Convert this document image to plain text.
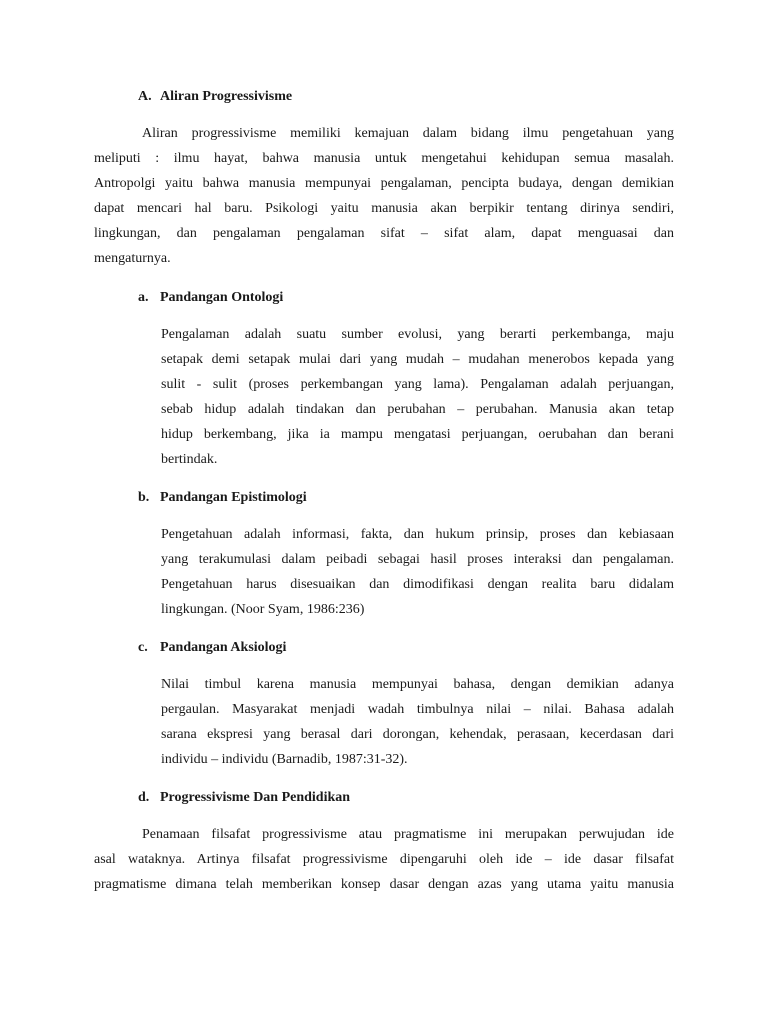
A. Aliran Progressivisme
Aliran progressivisme memiliki kemajuan dalam bidang ilmu pengetahuan yang
meliputi : ilmu hayat, bahwa manusia untuk mengetahui kehidupan semua masalah.
Antropolgi yaitu bahwa manusia mempunyai pengalaman, pencipta budaya, dengan demikian
dapat mencari hal baru. Psikologi yaitu manusia akan berpikir tentang dirinya sendiri,
lingkungan, dan pengalaman pengalaman sifat – sifat alam, dapat menguasai dan
mengaturnya.
a. Pandangan Ontologi
Pengalaman adalah suatu sumber evolusi, yang berarti perkembanga, maju
setapak demi setapak mulai dari yang mudah – mudahan menerobos kepada yang
sulit - sulit (proses perkembangan yang lama). Pengalaman adalah perjuangan,
sebab hidup adalah tindakan dan perubahan – perubahan. Manusia akan tetap
hidup berkembang, jika ia mampu mengatasi perjuangan, oerubahan dan berani
bertindak.
b. Pandangan Epistimologi
Pengetahuan adalah informasi, fakta, dan hukum prinsip, proses dan kebiasaan
yang terakumulasi dalam peibadi sebagai hasil proses interaksi dan pengalaman.
Pengetahuan harus disesuaikan dan dimodifikasi dengan realita baru didalam
lingkungan. (Noor Syam, 1986:236)
c. Pandangan Aksiologi
Nilai timbul karena manusia mempunyai bahasa, dengan demikian adanya
pergaulan. Masyarakat menjadi wadah timbulnya nilai – nilai. Bahasa adalah
sarana ekspresi yang berasal dari dorongan, kehendak, perasaan, kecerdasan dari
individu – individu (Barnadib, 1987:31-32).
d. Progressivisme Dan Pendidikan
Penamaan filsafat progressivisme atau pragmatisme ini merupakan perwujudan ide
asal wataknya. Artinya filsafat progressivisme dipengaruhi oleh ide – ide dasar filsafat
pragmatisme dimana telah memberikan konsep dasar dengan azas yang utama yaitu manusia
